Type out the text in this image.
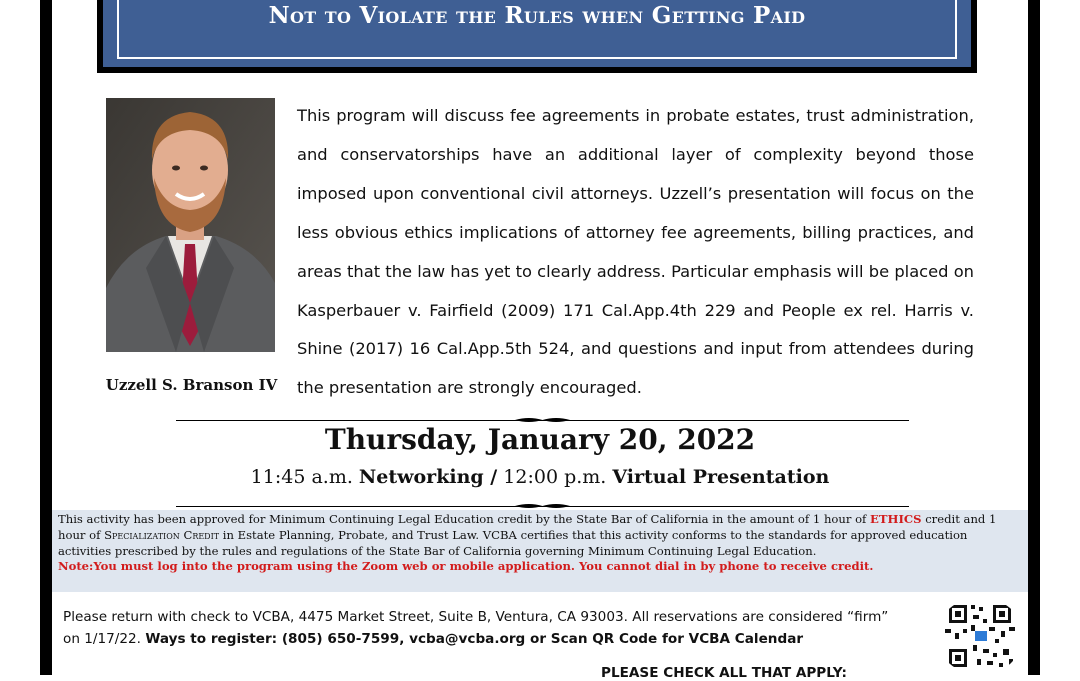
Not to Violate the Rules when Getting Paid
Uzzell S. Branson IV

This program will discuss fee agreements in probate estates, trust administration, and conservatorships have an additional layer of complexity beyond those imposed upon conventional civil attorneys. Uzzell’s presentation will focus on the less obvious ethics implications of attorney fee agreements, billing practices, and areas that the law has yet to clearly address. Particular emphasis will be placed on Kasperbauer v. Fairfield (2009) 171 Cal.App.4th 229 and People ex rel. Harris v. Shine (2017) 16 Cal.App.5th 524, and questions and input from attendees during the presentation are strongly encouraged.

Thursday, January 20, 2022
11:45 a.m. Networking / 12:00 p.m. Virtual Presentation
This activity has been approved for Minimum Continuing Legal Education credit by the State Bar of California in the amount of 1 hour of ETHICS credit and 1 hour of Specialization Credit in Estate Planning, Probate, and Trust Law. VCBA certifies that this activity conforms to the standards for approved education activities prescribed by the rules and regulations of the State Bar of California governing Minimum Continuing Legal Education.
Note:You must log into the program using the Zoom web or mobile application. You cannot dial in by phone to receive credit.
Please return with check to VCBA, 4475 Market Street, Suite B, Ventura, CA 93003. All reservations are considered “firm” on 1/17/22. Ways to register: (805) 650-7599, vcba@vcba.org or Scan QR Code for VCBA Calendar
PLEASE CHECK ALL THAT APPLY:
